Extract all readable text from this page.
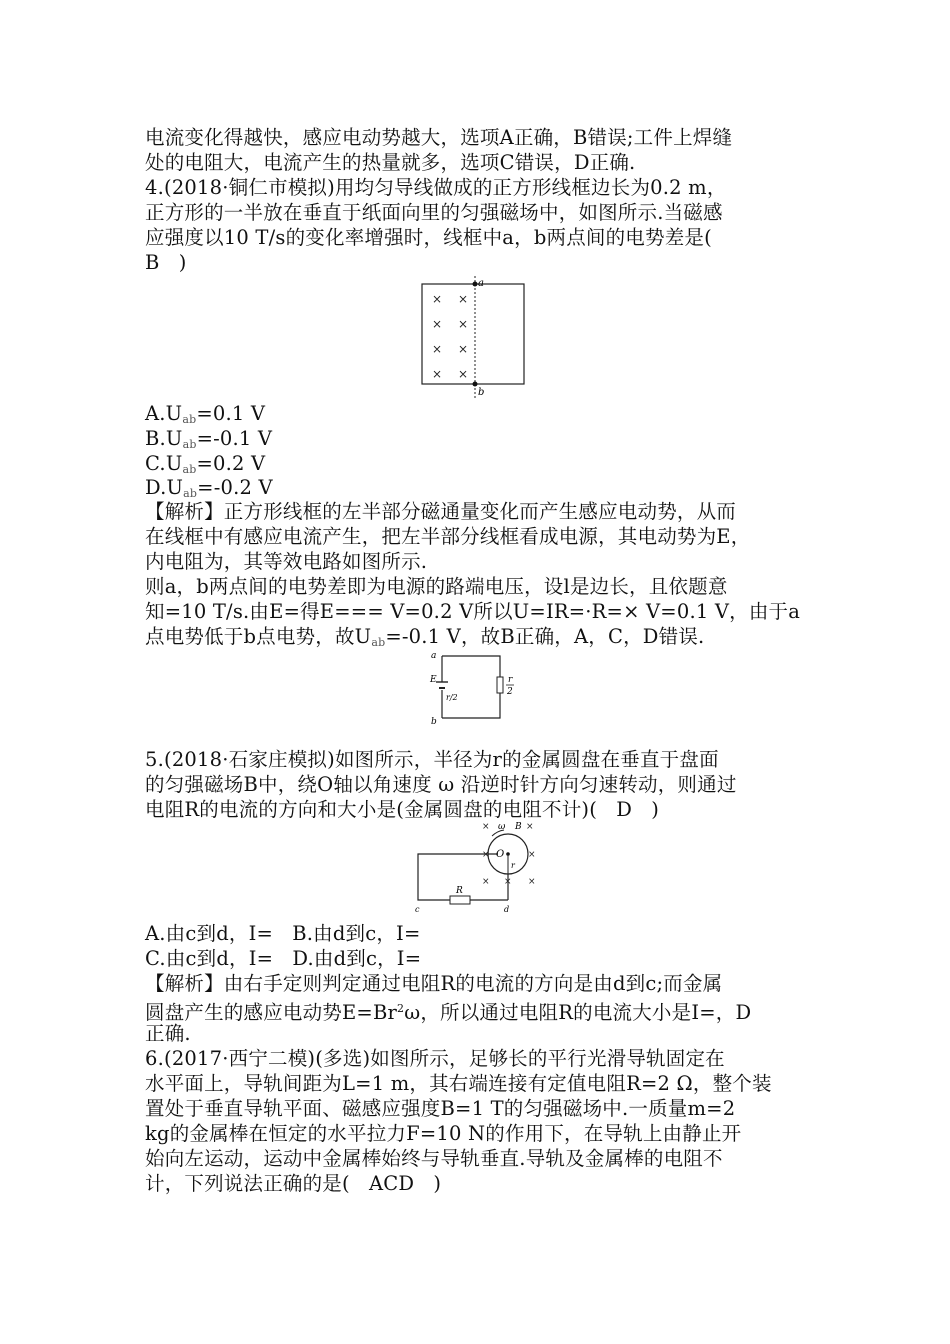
电流变化得越快，感应电动势越大，选项A正确，B错误;工件上焊缝
处的电阻大，电流产生的热量就多，选项C错误，D正确.
4.(2018·铜仁市模拟)用均匀导线做成的正方形线框边长为0.2 m，
正方形的一半放在垂直于纸面向里的匀强磁场中，如图所示.当磁感
应强度以10 T/s的变化率增强时，线框中a，b两点间的电势差是(
B   )
a
b
× ×
× ×
× ×
× ×
$A.U_{ab}=0.1$ V
$B.U_{ab}=-0.1$ V
$C.U_{ab}=0.2$ V
$D.U_{ab}=-0.2$ V
【解析】正方形线框的左半部分磁通量变化而产生感应电动势，从而
在线框中有感应电流产生，把左半部分线框看成电源，其电动势为E，
内电阻为，其等效电路如图所示.
则a，b两点间的电势差即为电源的路端电压，设l是边长，且依题意
知=10 T/s.由E=得E=== V=0.2 V所以U=IR=·R=× V=0.1 V，由于a
点电势低于b点电势，故$U_{ab}=-0.1$ V，故B正确，A，C，D错误.
a
b
E
r/2
r
2
5.(2018·石家庄模拟)如图所示，半径为r的金属圆盘在垂直于盘面
的匀强磁场B中，绕O轴以角速度 ω 沿逆时针方向匀速转动，则通过
电阻R的电流的方向和大小是(金属圆盘的电阻不计)(   D   )
ω B
O
r
R
c	d
×	×
×	×
× × ×
A.由c到d，I=   B.由d到c，I=
C.由c到d，I=   D.由d到c，I=
【解析】由右手定则判定通过电阻R的电流的方向是由d到c;而金属
圆盘产生的感应电动势$E=Br^2\omega$，所以通过电阻R的电流大小是I=，D
正确.
6.(2017·西宁二模)(多选)如图所示，足够长的平行光滑导轨固定在
水平面上，导轨间距为L=1 m，其右端连接有定值电阻R=2 Ω，整个装
置处于垂直导轨平面、磁感应强度B=1 T的匀强磁场中.一质量m=2
kg的金属棒在恒定的水平拉力F=10 N的作用下，在导轨上由静止开
始向左运动，运动中金属棒始终与导轨垂直.导轨及金属棒的电阻不
计，下列说法正确的是(   ACD   )
